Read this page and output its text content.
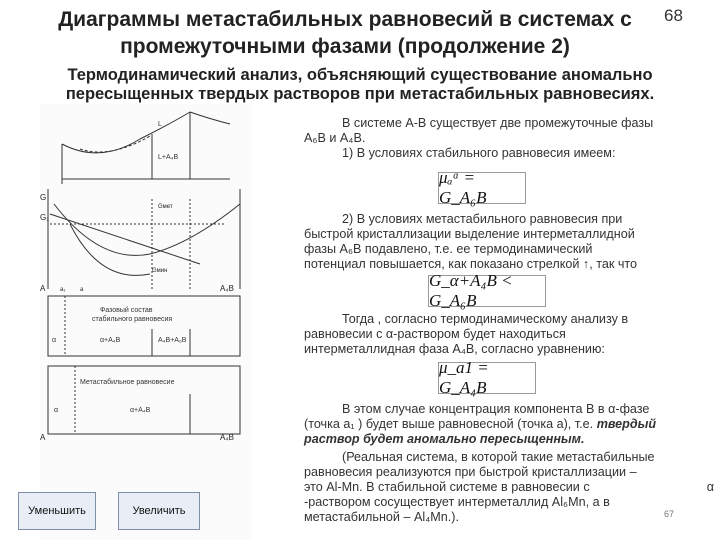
Диаграммы метастабильных равновесий в системах с
промежуточными фазами (продолжение 2)
68
Термодинамический анализ, объясняющий существование аномально
пересыщенных твердых растворов при метастабильных равновесиях.
L
L+A₄B
G
G₁
Gмет
Gмин
A	A₄B
a₁ a
Фазовый состав
стабильного равновесия
α+A₄B	A₄B+A₆B
α
Метастабильное равновесие
α+A₄B
α
A	A₄B
В системе А-В существует две промежуточные фазы
A₆B и A₄B.
1) В условиях стабильного равновесия имеем:
μₐᵅ = G_A₆B
2) В условиях метастабильного равновесия при
быстрой кристаллизации выделение интерметаллидной
фазы A₆B подавлено, т.е. ее термодинамический
потенциал повышается, как показано стрелкой ↑, так что
G_α+A₄B < G_A₆B
Тогда , согласно термодинамическому анализу в
равновесии с α-раствором будет находиться
интерметаллидная фаза A₄B, согласно уравнению:
μ_a1 = G_A₄B
В этом случае концентрация компонента В в α-фазе
(точка a₁ ) будет выше равновесной (точка а), т.е. твердый
раствор будет аномально пересыщенным.
(Реальная система, в которой такие метастабильные
равновесия реализуются при быстрой кристаллизации –
это Al-Mn. В стабильной системе в равновесии с	α
-раствором сосуществует интерметаллид Al₆Mn, а в
метастабильной – Al₄Mn.).	67
Уменьшить	Увеличить
